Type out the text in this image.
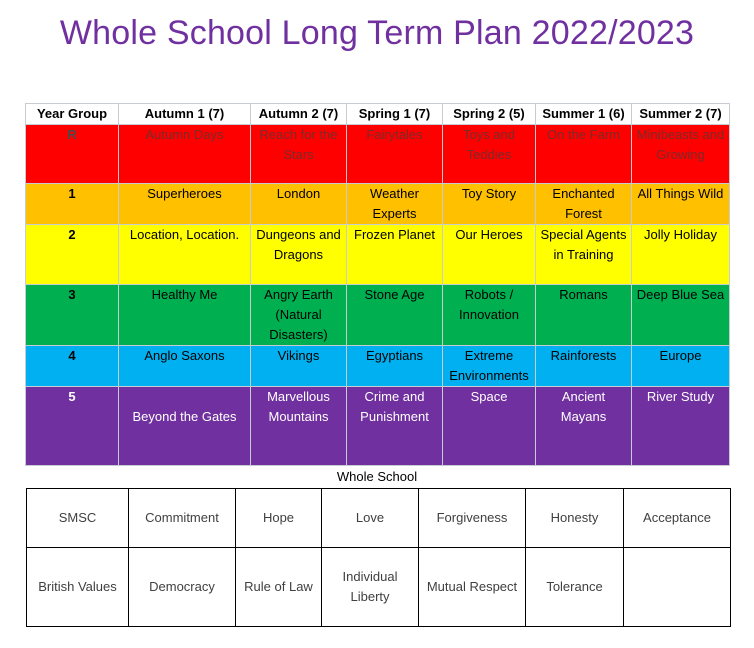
Whole School Long Term Plan 2022/2023
Year Group	Autumn 1 (7)	Autumn 2 (7)	Spring 1 (7)	Spring 2 (5)	Summer 1 (6)	Summer 2 (7)
R	Autumn Days	Reach for the Stars	Fairytales	Toys and Teddies	On the Farm	Minibeasts and Growing
1	Superheroes	London	Weather Experts	Toy Story	Enchanted Forest	All Things Wild
2	Location, Location.	Dungeons and Dragons	Frozen Planet	Our Heroes	Special Agents in Training	Jolly Holiday
3	Healthy Me	Angry Earth (Natural Disasters)	Stone Age	Robots / Innovation	Romans	Deep Blue Sea
4	Anglo Saxons	Vikings	Egyptians	Extreme Environments	Rainforests	Europe
5	Beyond the Gates	Marvellous Mountains	Crime and Punishment	Space	Ancient Mayans	River Study
Whole School
SMSC	Commitment	Hope	Love	Forgiveness	Honesty	Acceptance
British Values	Democracy	Rule of Law	Individual Liberty	Mutual Respect	Tolerance	
